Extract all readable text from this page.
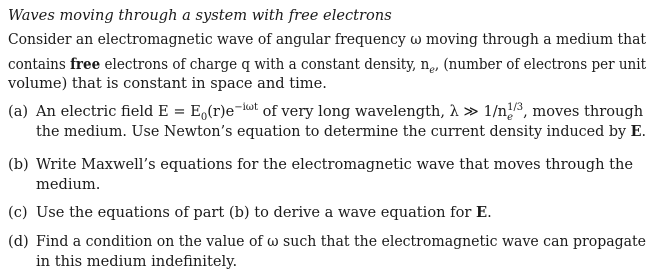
Waves moving through a system with free electrons
Consider an electromagnetic wave of angular frequency ω moving through a medium that
contains free electrons of charge q with a constant density, $n_e$, (number of electrons per unit
volume) that is constant in space and time.
(a) An electric field $E = E_0(r)e^{-i\omega t}$ of very long wavelength, λ ≫ $1/n^{1/3}_e$ , moves through
the medium. Use Newton’s equation to determine the current density induced by E.
(b) Write Maxwell’s equations for the electromagnetic wave that moves through the
medium.
(c) Use the equations of part (b) to derive a wave equation for E.
(d) Find a condition on the value of ω such that the electromagnetic wave can propagate
in this medium indefinitely.
